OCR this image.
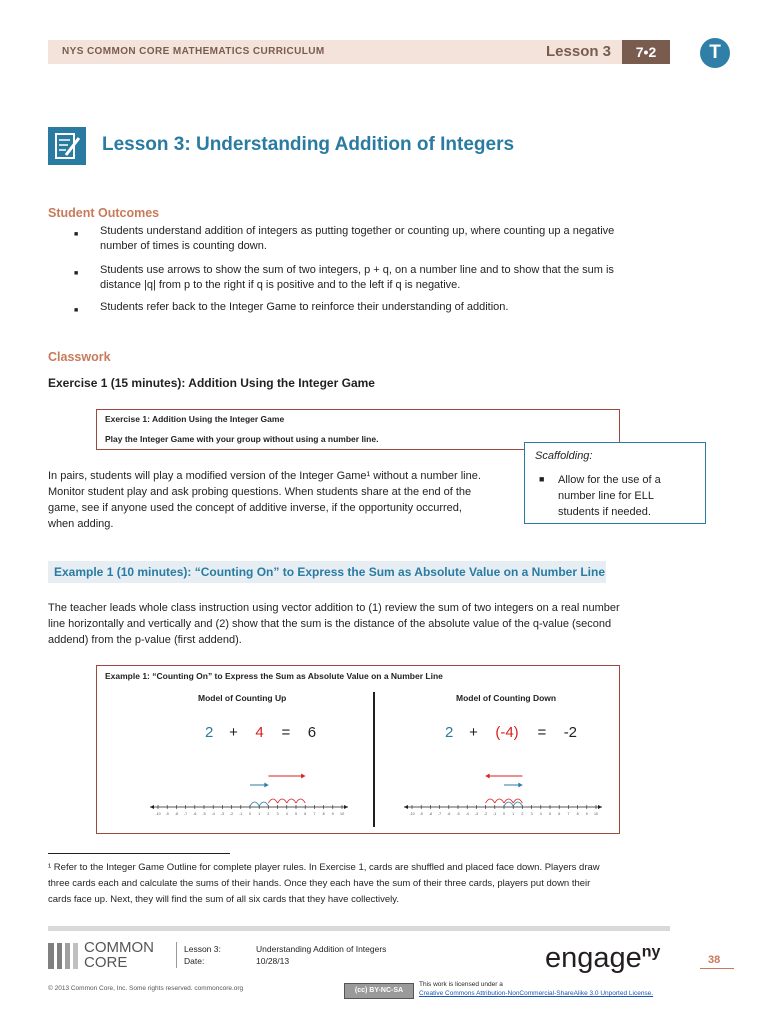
NYS COMMON CORE MATHEMATICS CURRICULUM	Lesson 3	7•2	T
Lesson 3: Understanding Addition of Integers
Student Outcomes
■ Students understand addition of integers as putting together or counting up, where counting up a negative
number of times is counting down.
■ Students use arrows to show the sum of two integers, p + q, on a number line and to show that the sum is
distance |q| from p to the right if q is positive and to the left if q is negative.
■ Students refer back to the Integer Game to reinforce their understanding of addition.
Classwork
Exercise 1 (15 minutes): Addition Using the Integer Game
Exercise 1: Addition Using the Integer Game
Play the Integer Game with your group without using a number line.
Scaffolding:
■ Allow for the use of a number line for ELL students if needed.
In pairs, students will play a modified version of the Integer Game¹ without a number line.
Monitor student play and ask probing questions. When students share at the end of the
game, see if anyone used the concept of additive inverse, if the opportunity occurred,
when adding.
Example 1 (10 minutes): “Counting On” to Express the Sum as Absolute Value on a Number Line
The teacher leads whole class instruction using vector addition to (1) review the sum of two integers on a real number
line horizontally and vertically and (2) show that the sum is the distance of the absolute value of the q-value (second
addend) from the p-value (first addend).
Example 1: “Counting On” to Express the Sum as Absolute Value on a Number Line
Model of Counting Up
2 + 4 = 6
Model of Counting Down
2 + (-4) = -2
-10 -9 -8 -7 -6 -5 -4 -3 -2 -1 0 1 2 3 4 5 6 7 8 9 10	-10 -9 -8 -7 -6 -5 -4 -3 -2 -1 0 1 2 3 4 5 6 7 8 9 10
¹ Refer to the Integer Game Outline for complete player rules. In Exercise 1, cards are shuffled and placed face down. Players draw
three cards each and calculate the sums of their hands. Once they each have the sum of their three cards, players put down their
cards face up. Next, they will find the sum of all six cards that they have collectively.
COMMON
CORE
Lesson 3:
Date:
Understanding Addition of Integers
10/28/13	engage$^{ny}$	38
© 2013 Common Core, Inc. Some rights reserved. commoncore.org	(cc) BY-NC-SA
This work is licensed under a
Creative Commons Attribution-NonCommercial-ShareAlike 3.0 Unported License.
